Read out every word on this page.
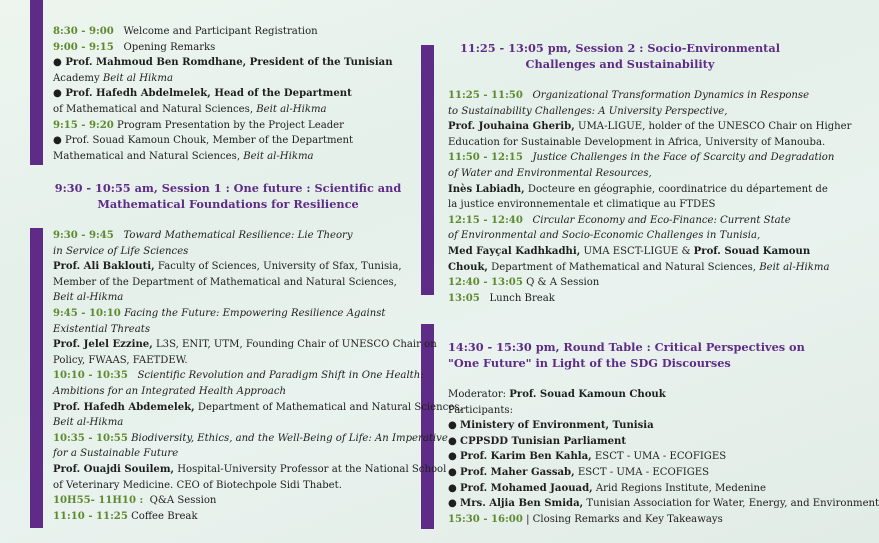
8:30 - 9:00 Welcome and Participant Registration
9:00 - 9:15 Opening Remarks
● Prof. Mahmoud Ben Romdhane, President of the Tunisian
Academy Beit al Hikma
● Prof. Hafedh Abdelmelek, Head of the Department
of Mathematical and Natural Sciences, Beit al-Hikma
9:15 - 9:20 Program Presentation by the Project Leader
● Prof. Souad Kamoun Chouk, Member of the Department
Mathematical and Natural Sciences, Beit al-Hikma
9:30 - 10:55 am, Session 1 : One future : Scientific and
Mathematical Foundations for Resilience
9:30 - 9:45 Toward Mathematical Resilience: Lie Theory
in Service of Life Sciences
Prof. Ali Baklouti, Faculty of Sciences, University of Sfax, Tunisia,
Member of the Department of Mathematical and Natural Sciences,
Beit al-Hikma
9:45 - 10:10 Facing the Future: Empowering Resilience Against
Existential Threats
Prof. Jelel Ezzine, L3S, ENIT, UTM, Founding Chair of UNESCO Chair on
Policy, FWAAS, FAETDEW.
10:10 - 10:35 Scientific Revolution and Paradigm Shift in One Health:
Ambitions for an Integrated Health Approach
Prof. Hafedh Abdemelek, Department of Mathematical and Natural Sciences,
Beit al-Hikma
10:35 - 10:55 Biodiversity, Ethics, and the Well-Being of Life: An Imperative
for a Sustainable Future
Prof. Ouajdi Souilem, Hospital-University Professor at the National School
of Veterinary Medicine. CEO of Biotechpole Sidi Thabet.
10H55- 11H10 : Q&A Session
11:10 - 11:25 Coffee Break
11:25 - 13:05 pm, Session 2 : Socio-Environmental
Challenges and Sustainability
11:25 - 11:50 Organizational Transformation Dynamics in Response
to Sustainability Challenges: A University Perspective,
Prof. Jouhaina Gherib, UMA-LIGUE, holder of the UNESCO Chair on Higher
Education for Sustainable Development in Africa, University of Manouba.
11:50 - 12:15 Justice Challenges in the Face of Scarcity and Degradation
of Water and Environmental Resources,
Inès Labiadh, Docteure en géographie, coordinatrice du département de
la justice environnementale et climatique au FTDES
12:15 - 12:40 Circular Economy and Eco-Finance: Current State
of Environmental and Socio-Economic Challenges in Tunisia,
Med Fayçal Kadhkadhi, UMA ESCT-LIGUE & Prof. Souad Kamoun
Chouk, Department of Mathematical and Natural Sciences, Beit al-Hikma
12:40 - 13:05 Q & A Session
13:05 Lunch Break
14:30 - 15:30 pm, Round Table : Critical Perspectives on
"One Future" in Light of the SDG Discourses
Moderator: Prof. Souad Kamoun Chouk
Participants:
● Ministery of Environment, Tunisia
● CPPSDD Tunisian Parliament
● Prof. Karim Ben Kahla, ESCT - UMA - ECOFIGES
● Prof. Maher Gassab, ESCT - UMA - ECOFIGES
● Prof. Mohamed Jaouad, Arid Regions Institute, Medenine
● Mrs. Aljia Ben Smida, Tunisian Association for Water, Energy, and Environment
15:30 - 16:00 | Closing Remarks and Key Takeaways
